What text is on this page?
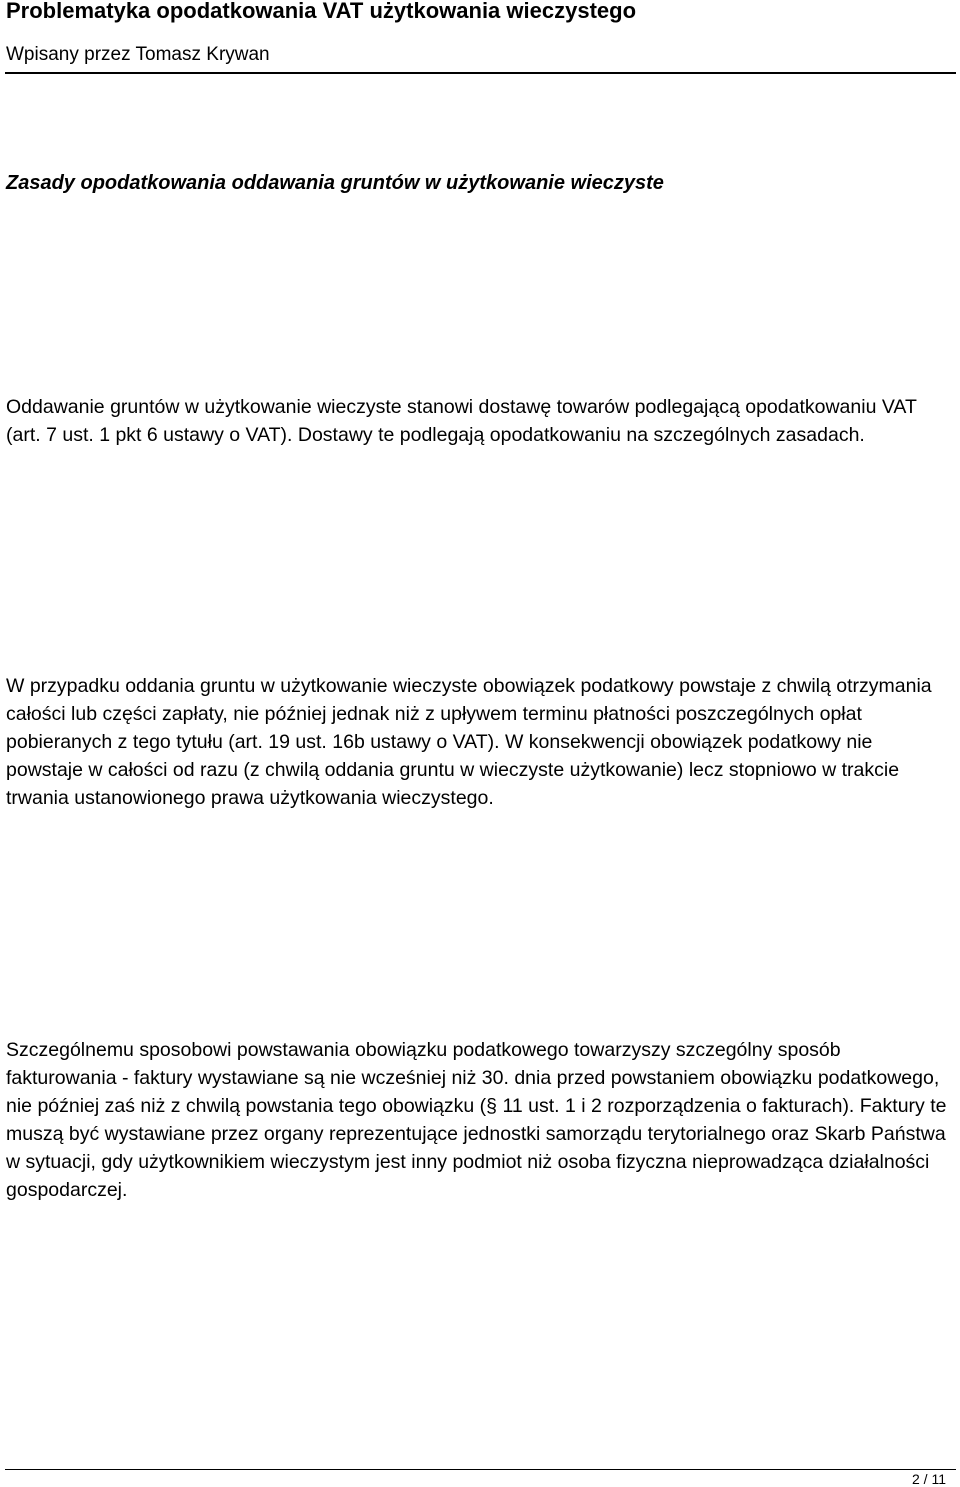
Problematyka opodatkowania VAT użytkowania wieczystego
Wpisany przez Tomasz Krywan
Zasady opodatkowania oddawania gruntów w użytkowanie wieczyste

Oddawanie gruntów w użytkowanie wieczyste stanowi dostawę towarów podlegającą opodatkowaniu VAT (art. 7 ust. 1 pkt 6 ustawy o VAT). Dostawy te podlegają opodatkowaniu na szczególnych zasadach.

W przypadku oddania gruntu w użytkowanie wieczyste obowiązek podatkowy powstaje z chwilą otrzymania całości lub części zapłaty, nie później jednak niż z upływem terminu płatności poszczególnych opłat pobieranych z tego tytułu (art. 19 ust. 16b ustawy o VAT). W konsekwencji obowiązek podatkowy nie powstaje w całości od razu (z chwilą oddania gruntu w wieczyste użytkowanie) lecz stopniowo w trakcie trwania ustanowionego prawa użytkowania wieczystego.

Szczególnemu sposobowi powstawania obowiązku podatkowego towarzyszy szczególny sposób fakturowania - faktury wystawiane są nie wcześniej niż 30. dnia przed powstaniem obowiązku podatkowego, nie później zaś niż z chwilą powstania tego obowiązku (§ 11 ust. 1 i 2 rozporządzenia o fakturach). Faktury te muszą być wystawiane przez organy reprezentujące jednostki samorządu terytorialnego oraz Skarb Państwa w sytuacji, gdy użytkownikiem wieczystym jest inny podmiot niż osoba fizyczna nieprowadząca działalności gospodarczej.

2 / 11
